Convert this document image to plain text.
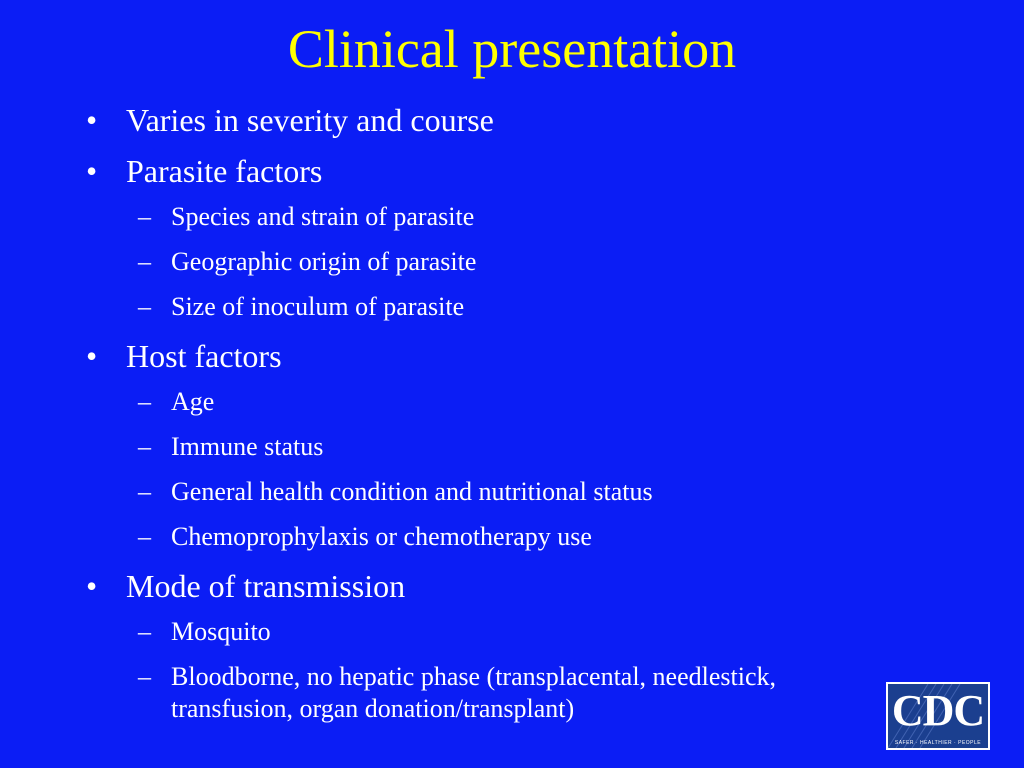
Clinical presentation
• Varies in severity and course
• Parasite factors
– Species and strain of parasite
– Geographic origin of parasite
– Size of inoculum of parasite
• Host factors
– Age
– Immune status
– General health condition and nutritional status
– Chemoprophylaxis or chemotherapy use
• Mode of transmission
– Mosquito
– Bloodborne, no hepatic phase (transplacental, needlestick, transfusion, organ donation/transplant)	CDC
SAFER · HEALTHIER · PEOPLE
